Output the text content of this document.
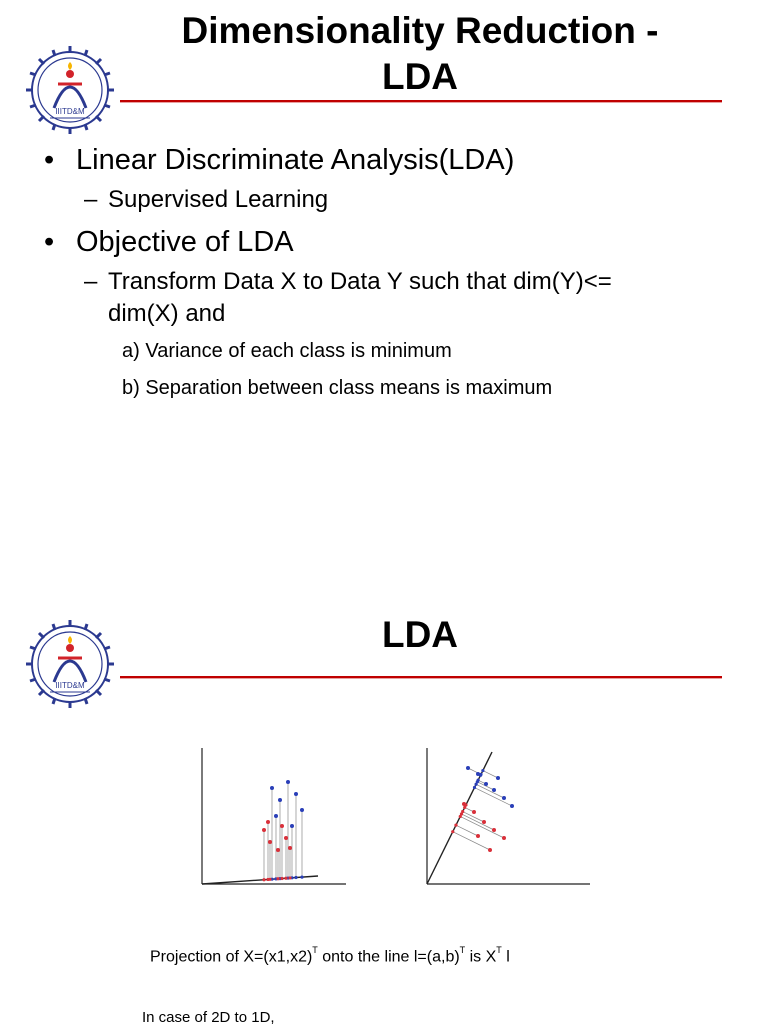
IIITD&M
Dimensionality Reduction -
LDA
• Linear Discriminate Analysis(LDA)
– Supervised Learning
• Objective of LDA
– Transform Data X to Data Y such that dim(Y)<=
dim(X) and
a) Variance of each class is minimum
b) Separation between class means is maximum
IIITD&M
LDA
Projection of $X=(x1,x2)^T$ onto the line $l=(a,b)^T$ is $X^T$ l
In case of 2D to 1D,
